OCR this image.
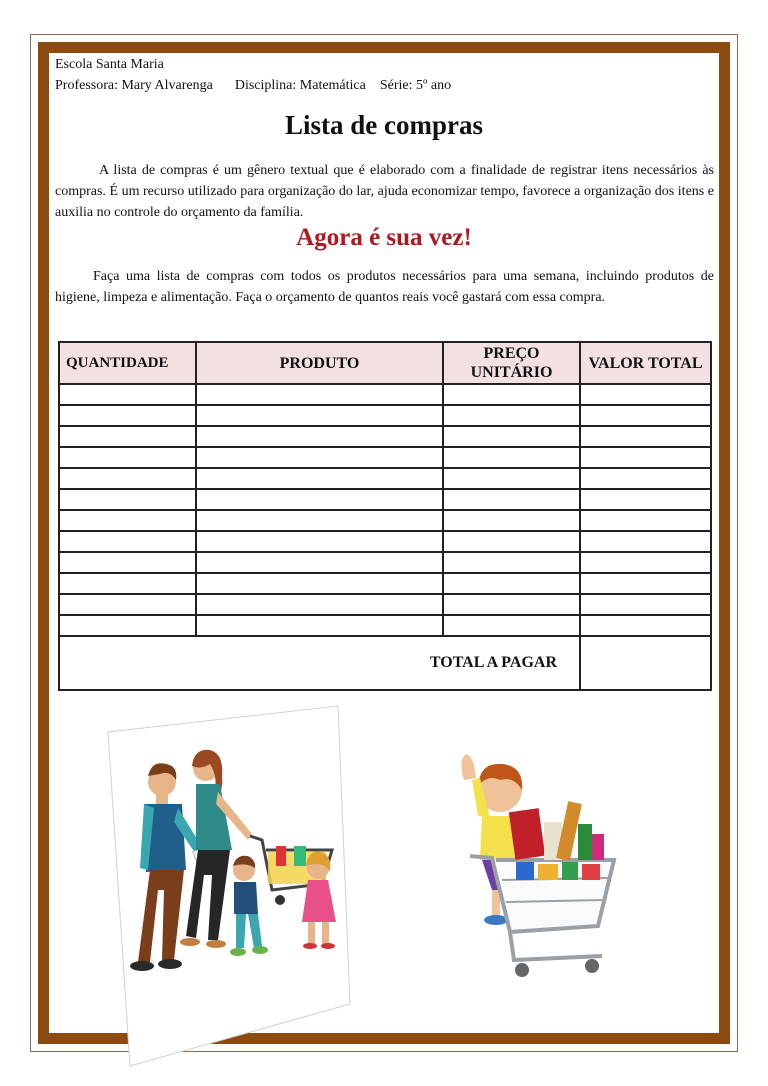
Escola Santa Maria
Professora: Mary Alvarenga Disciplina: Matemática Série: 5º ano
Lista de compras
A lista de compras é um gênero textual que é elaborado com a finalidade de registrar itens necessários às compras. É um recurso utilizado para organização do lar, ajuda economizar tempo, favorece a organização dos itens e auxilia no controle do orçamento da família.
Agora é sua vez!
Faça uma lista de compras com todos os produtos necessários para uma semana, incluindo produtos de higiene, limpeza e alimentação. Faça o orçamento de quantos reais você gastará com essa compra.
QUANTIDADE	PRODUTO	PREÇO UNITÁRIO	VALOR TOTAL

TOTAL A PAGAR			
